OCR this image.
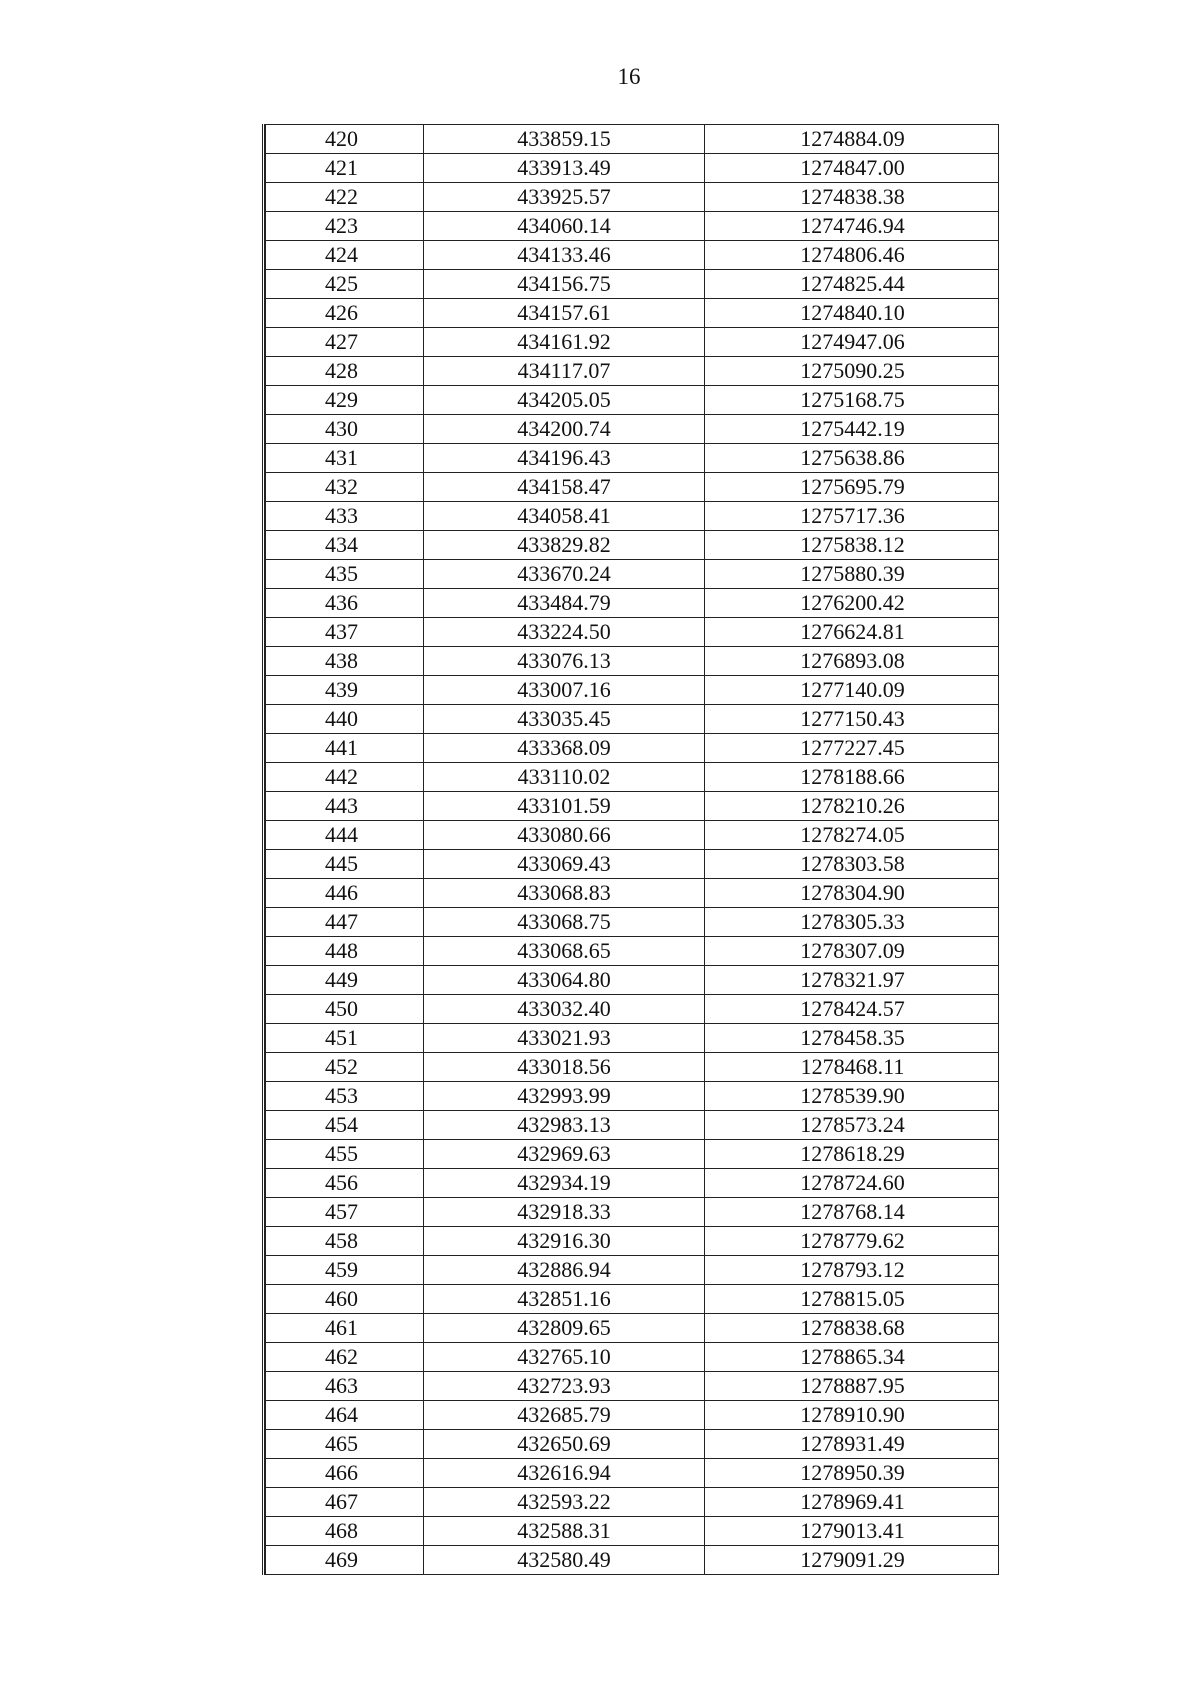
16
420	433859.15	1274884.09
421	433913.49	1274847.00
422	433925.57	1274838.38
423	434060.14	1274746.94
424	434133.46	1274806.46
425	434156.75	1274825.44
426	434157.61	1274840.10
427	434161.92	1274947.06
428	434117.07	1275090.25
429	434205.05	1275168.75
430	434200.74	1275442.19
431	434196.43	1275638.86
432	434158.47	1275695.79
433	434058.41	1275717.36
434	433829.82	1275838.12
435	433670.24	1275880.39
436	433484.79	1276200.42
437	433224.50	1276624.81
438	433076.13	1276893.08
439	433007.16	1277140.09
440	433035.45	1277150.43
441	433368.09	1277227.45
442	433110.02	1278188.66
443	433101.59	1278210.26
444	433080.66	1278274.05
445	433069.43	1278303.58
446	433068.83	1278304.90
447	433068.75	1278305.33
448	433068.65	1278307.09
449	433064.80	1278321.97
450	433032.40	1278424.57
451	433021.93	1278458.35
452	433018.56	1278468.11
453	432993.99	1278539.90
454	432983.13	1278573.24
455	432969.63	1278618.29
456	432934.19	1278724.60
457	432918.33	1278768.14
458	432916.30	1278779.62
459	432886.94	1278793.12
460	432851.16	1278815.05
461	432809.65	1278838.68
462	432765.10	1278865.34
463	432723.93	1278887.95
464	432685.79	1278910.90
465	432650.69	1278931.49
466	432616.94	1278950.39
467	432593.22	1278969.41
468	432588.31	1279013.41
469	432580.49	1279091.29
